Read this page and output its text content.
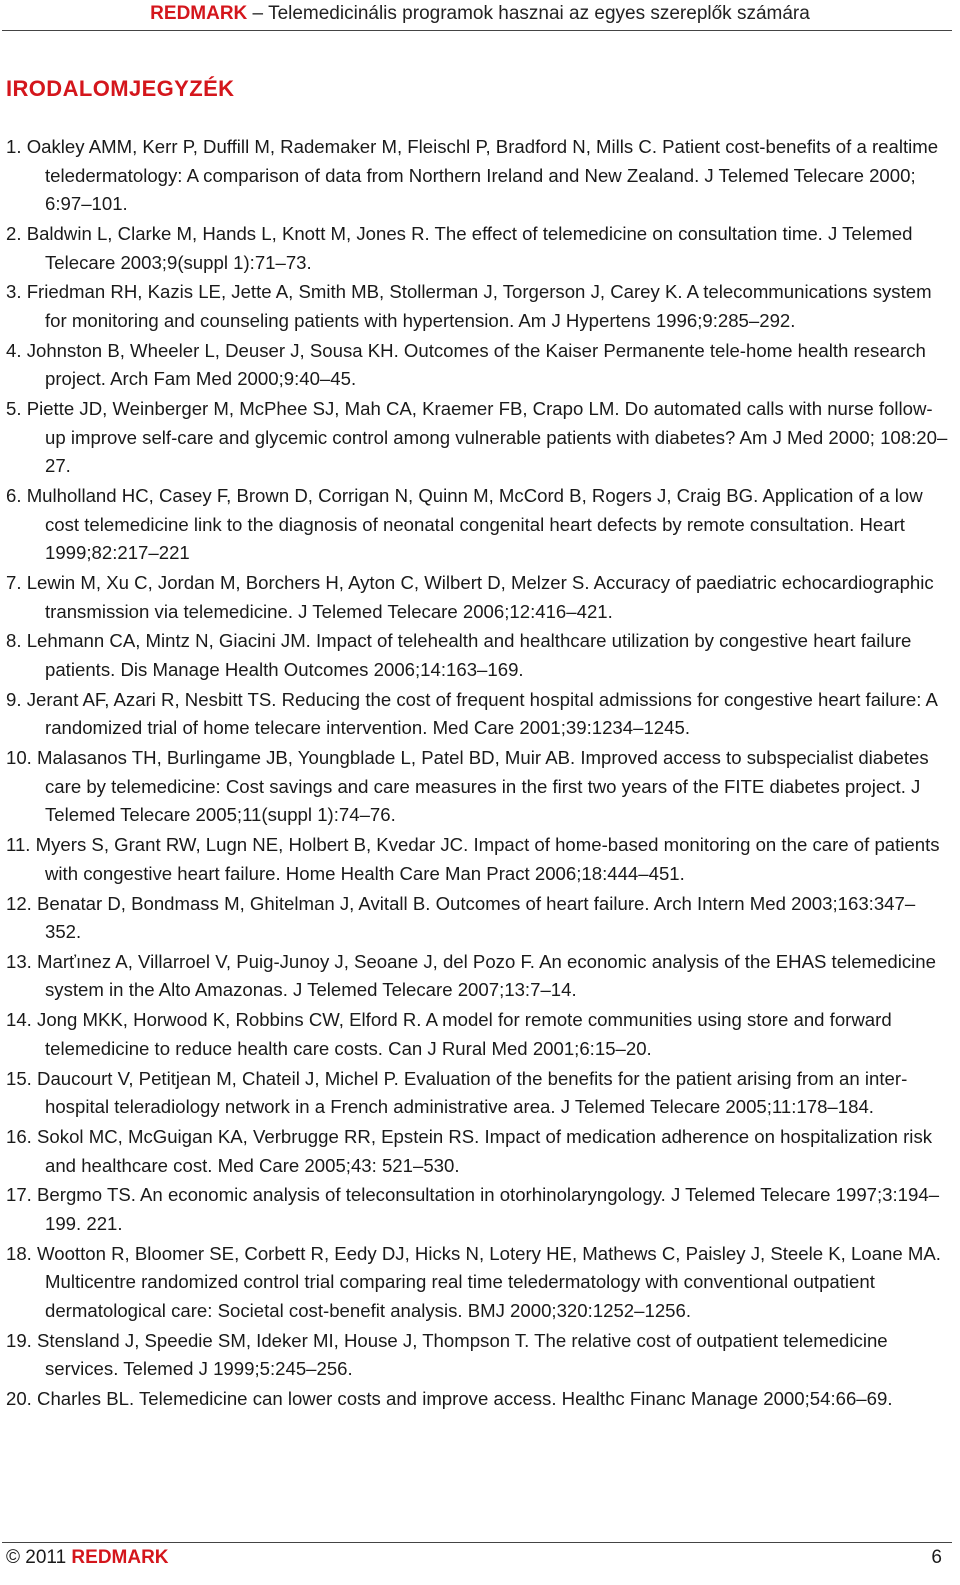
REDMARK – Telemedicinális programok hasznai az egyes szereplők számára
IRODALOMJEGYZÉK
1. Oakley AMM, Kerr P, Duffill M, Rademaker M, Fleischl P, Bradford N, Mills C. Patient cost-benefits of a realtime teledermatology: A comparison of data from Northern Ireland and New Zealand. J Telemed Telecare 2000; 6:97–101.
2. Baldwin L, Clarke M, Hands L, Knott M, Jones R. The effect of telemedicine on consultation time. J Telemed Telecare 2003;9(suppl 1):71–73.
3. Friedman RH, Kazis LE, Jette A, Smith MB, Stollerman J, Torgerson J, Carey K. A telecommunications system for monitoring and counseling patients with hypertension. Am J Hypertens 1996;9:285–292.
4. Johnston B, Wheeler L, Deuser J, Sousa KH. Outcomes of the Kaiser Permanente tele-home health research project. Arch Fam Med 2000;9:40–45.
5. Piette JD, Weinberger M, McPhee SJ, Mah CA, Kraemer FB, Crapo LM. Do automated calls with nurse follow-up improve self-care and glycemic control among vulnerable patients with diabetes? Am J Med 2000; 108:20–27.
6. Mulholland HC, Casey F, Brown D, Corrigan N, Quinn M, McCord B, Rogers J, Craig BG. Application of a low cost telemedicine link to the diagnosis of neonatal congenital heart defects by remote consultation. Heart 1999;82:217–221
7. Lewin M, Xu C, Jordan M, Borchers H, Ayton C, Wilbert D, Melzer S. Accuracy of paediatric echocardiographic transmission via telemedicine. J Telemed Telecare 2006;12:416–421.
8. Lehmann CA, Mintz N, Giacini JM. Impact of telehealth and healthcare utilization by congestive heart failure patients. Dis Manage Health Outcomes 2006;14:163–169.
9. Jerant AF, Azari R, Nesbitt TS. Reducing the cost of frequent hospital admissions for congestive heart failure: A randomized trial of home telecare intervention. Med Care 2001;39:1234–1245.
10. Malasanos TH, Burlingame JB, Youngblade L, Patel BD, Muir AB. Improved access to subspecialist diabetes care by telemedicine: Cost savings and care measures in the first two years of the FITE diabetes project. J Telemed Telecare 2005;11(suppl 1):74–76.
11. Myers S, Grant RW, Lugn NE, Holbert B, Kvedar JC. Impact of home-based monitoring on the care of patients with congestive heart failure. Home Health Care Man Pract 2006;18:444–451.
12. Benatar D, Bondmass M, Ghitelman J, Avitall B. Outcomes of heart failure. Arch Intern Med 2003;163:347–352.
13. Marťınez A, Villarroel V, Puig-Junoy J, Seoane J, del Pozo F. An economic analysis of the EHAS telemedicine system in the Alto Amazonas. J Telemed Telecare 2007;13:7–14.
14. Jong MKK, Horwood K, Robbins CW, Elford R. A model for remote communities using store and forward telemedicine to reduce health care costs. Can J Rural Med 2001;6:15–20.
15. Daucourt V, Petitjean M, Chateil J, Michel P. Evaluation of the benefits for the patient arising from an inter-hospital teleradiology network in a French administrative area. J Telemed Telecare 2005;11:178–184.
16. Sokol MC, McGuigan KA, Verbrugge RR, Epstein RS. Impact of medication adherence on hospitalization risk and healthcare cost. Med Care 2005;43: 521–530.
17. Bergmo TS. An economic analysis of teleconsultation in otorhinolaryngology. J Telemed Telecare 1997;3:194–199. 221.
18. Wootton R, Bloomer SE, Corbett R, Eedy DJ, Hicks N, Lotery HE, Mathews C, Paisley J, Steele K, Loane MA. Multicentre randomized control trial comparing real time teledermatology with conventional outpatient dermatological care: Societal cost-benefit analysis. BMJ 2000;320:1252–1256.
19.Stensland J, Speedie SM, Ideker MI, House J, Thompson T. The relative cost of outpatient telemedicine services. Telemed J 1999;5:245–256.
20. Charles BL. Telemedicine can lower costs and improve access. Healthc Financ Manage 2000;54:66–69.
© 2011 REDMARK	6
